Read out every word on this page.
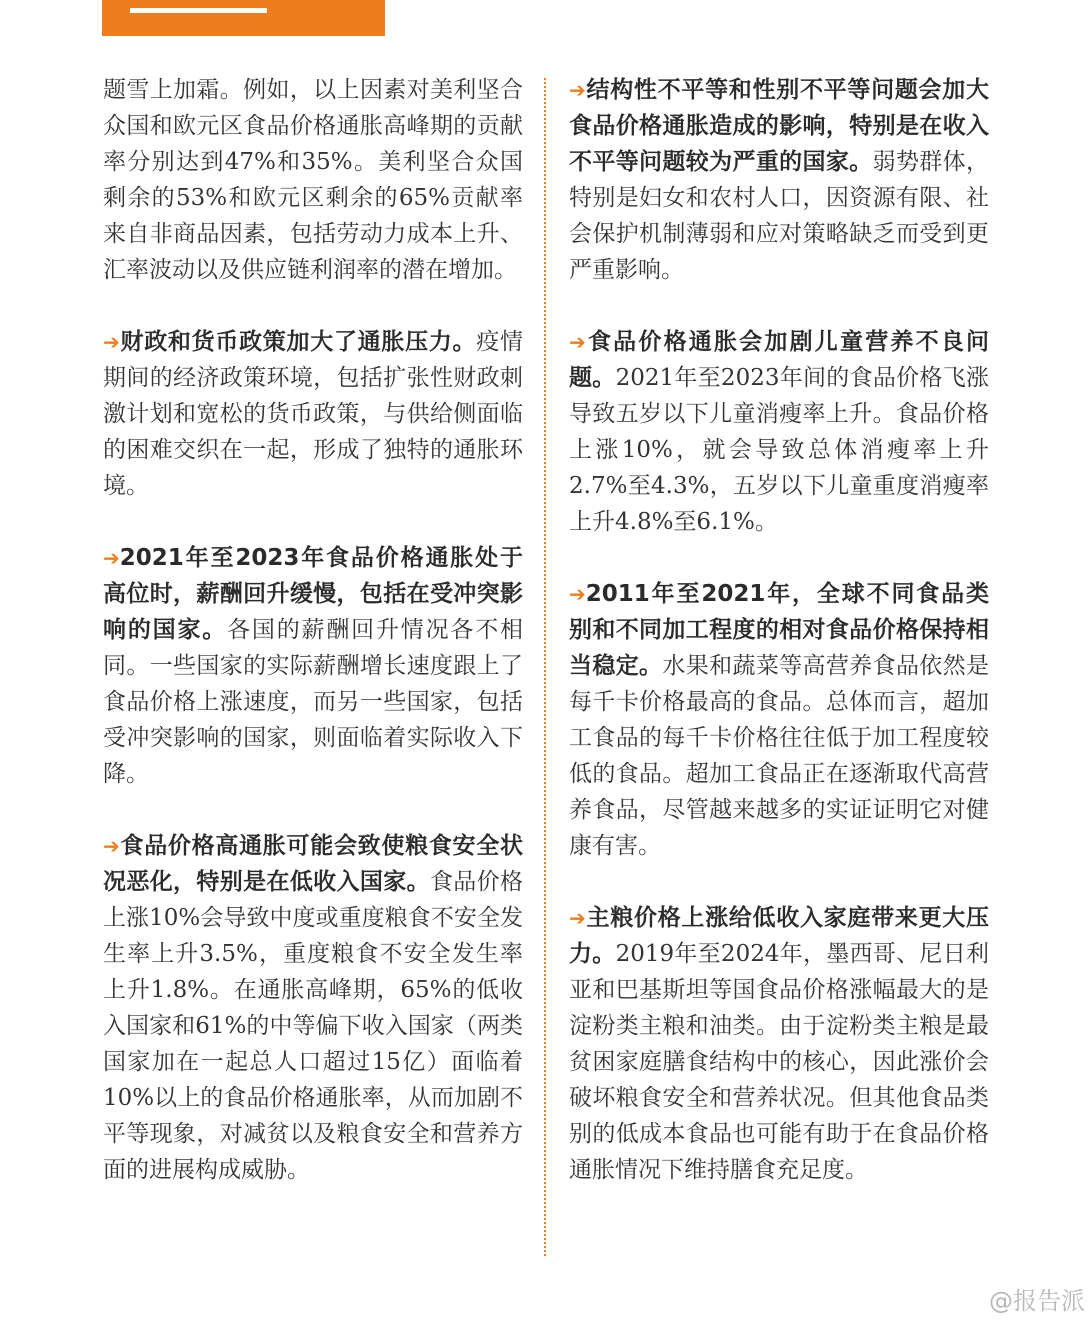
题雪上加霜。例如，以上因素对美利坚合众国和欧元区食品价格通胀高峰期的贡献率分别达到47%和35%。美利坚合众国剩余的53%和欧元区剩余的65%贡献率来自非商品因素，包括劳动力成本上升、汇率波动以及供应链利润率的潜在增加。

➔财政和货币政策加大了通胀压力。疫情期间的经济政策环境，包括扩张性财政刺激计划和宽松的货币政策，与供给侧面临的困难交织在一起，形成了独特的通胀环境。

➔2021年至2023年食品价格通胀处于高位时，薪酬回升缓慢，包括在受冲突影响的国家。各国的薪酬回升情况各不相同。一些国家的实际薪酬增长速度跟上了食品价格上涨速度，而另一些国家，包括受冲突影响的国家，则面临着实际收入下降。

➔食品价格高通胀可能会致使粮食安全状况恶化，特别是在低收入国家。食品价格上涨10%会导致中度或重度粮食不安全发生率上升3.5%，重度粮食不安全发生率上升1.8%。在通胀高峰期，65%的低收入国家和61%的中等偏下收入国家（两类国家加在一起总人口超过15亿）面临着10%以上的食品价格通胀率，从而加剧不平等现象，对减贫以及粮食安全和营养方面的进展构成威胁。

➔结构性不平等和性别不平等问题会加大食品价格通胀造成的影响，特别是在收入不平等问题较为严重的国家。弱势群体，特别是妇女和农村人口，因资源有限、社会保护机制薄弱和应对策略缺乏而受到更严重影响。

➔食品价格通胀会加剧儿童营养不良问题。2021年至2023年间的食品价格飞涨导致五岁以下儿童消瘦率上升。食品价格上涨10%，就会导致总体消瘦率上升2.7%至4.3%，五岁以下儿童重度消瘦率上升4.8%至6.1%。

➔2011年至2021年，全球不同食品类别和不同加工程度的相对食品价格保持相当稳定。水果和蔬菜等高营养食品依然是每千卡价格最高的食品。总体而言，超加工食品的每千卡价格往往低于加工程度较低的食品。超加工食品正在逐渐取代高营养食品，尽管越来越多的实证证明它对健康有害。

➔主粮价格上涨给低收入家庭带来更大压力。2019年至2024年，墨西哥、尼日利亚和巴基斯坦等国食品价格涨幅最大的是淀粉类主粮和油类。由于淀粉类主粮是最贫困家庭膳食结构中的核心，因此涨价会破坏粮食安全和营养状况。但其他食品类别的低成本食品也可能有助于在食品价格通胀情况下维持膳食充足度。

@报告派
